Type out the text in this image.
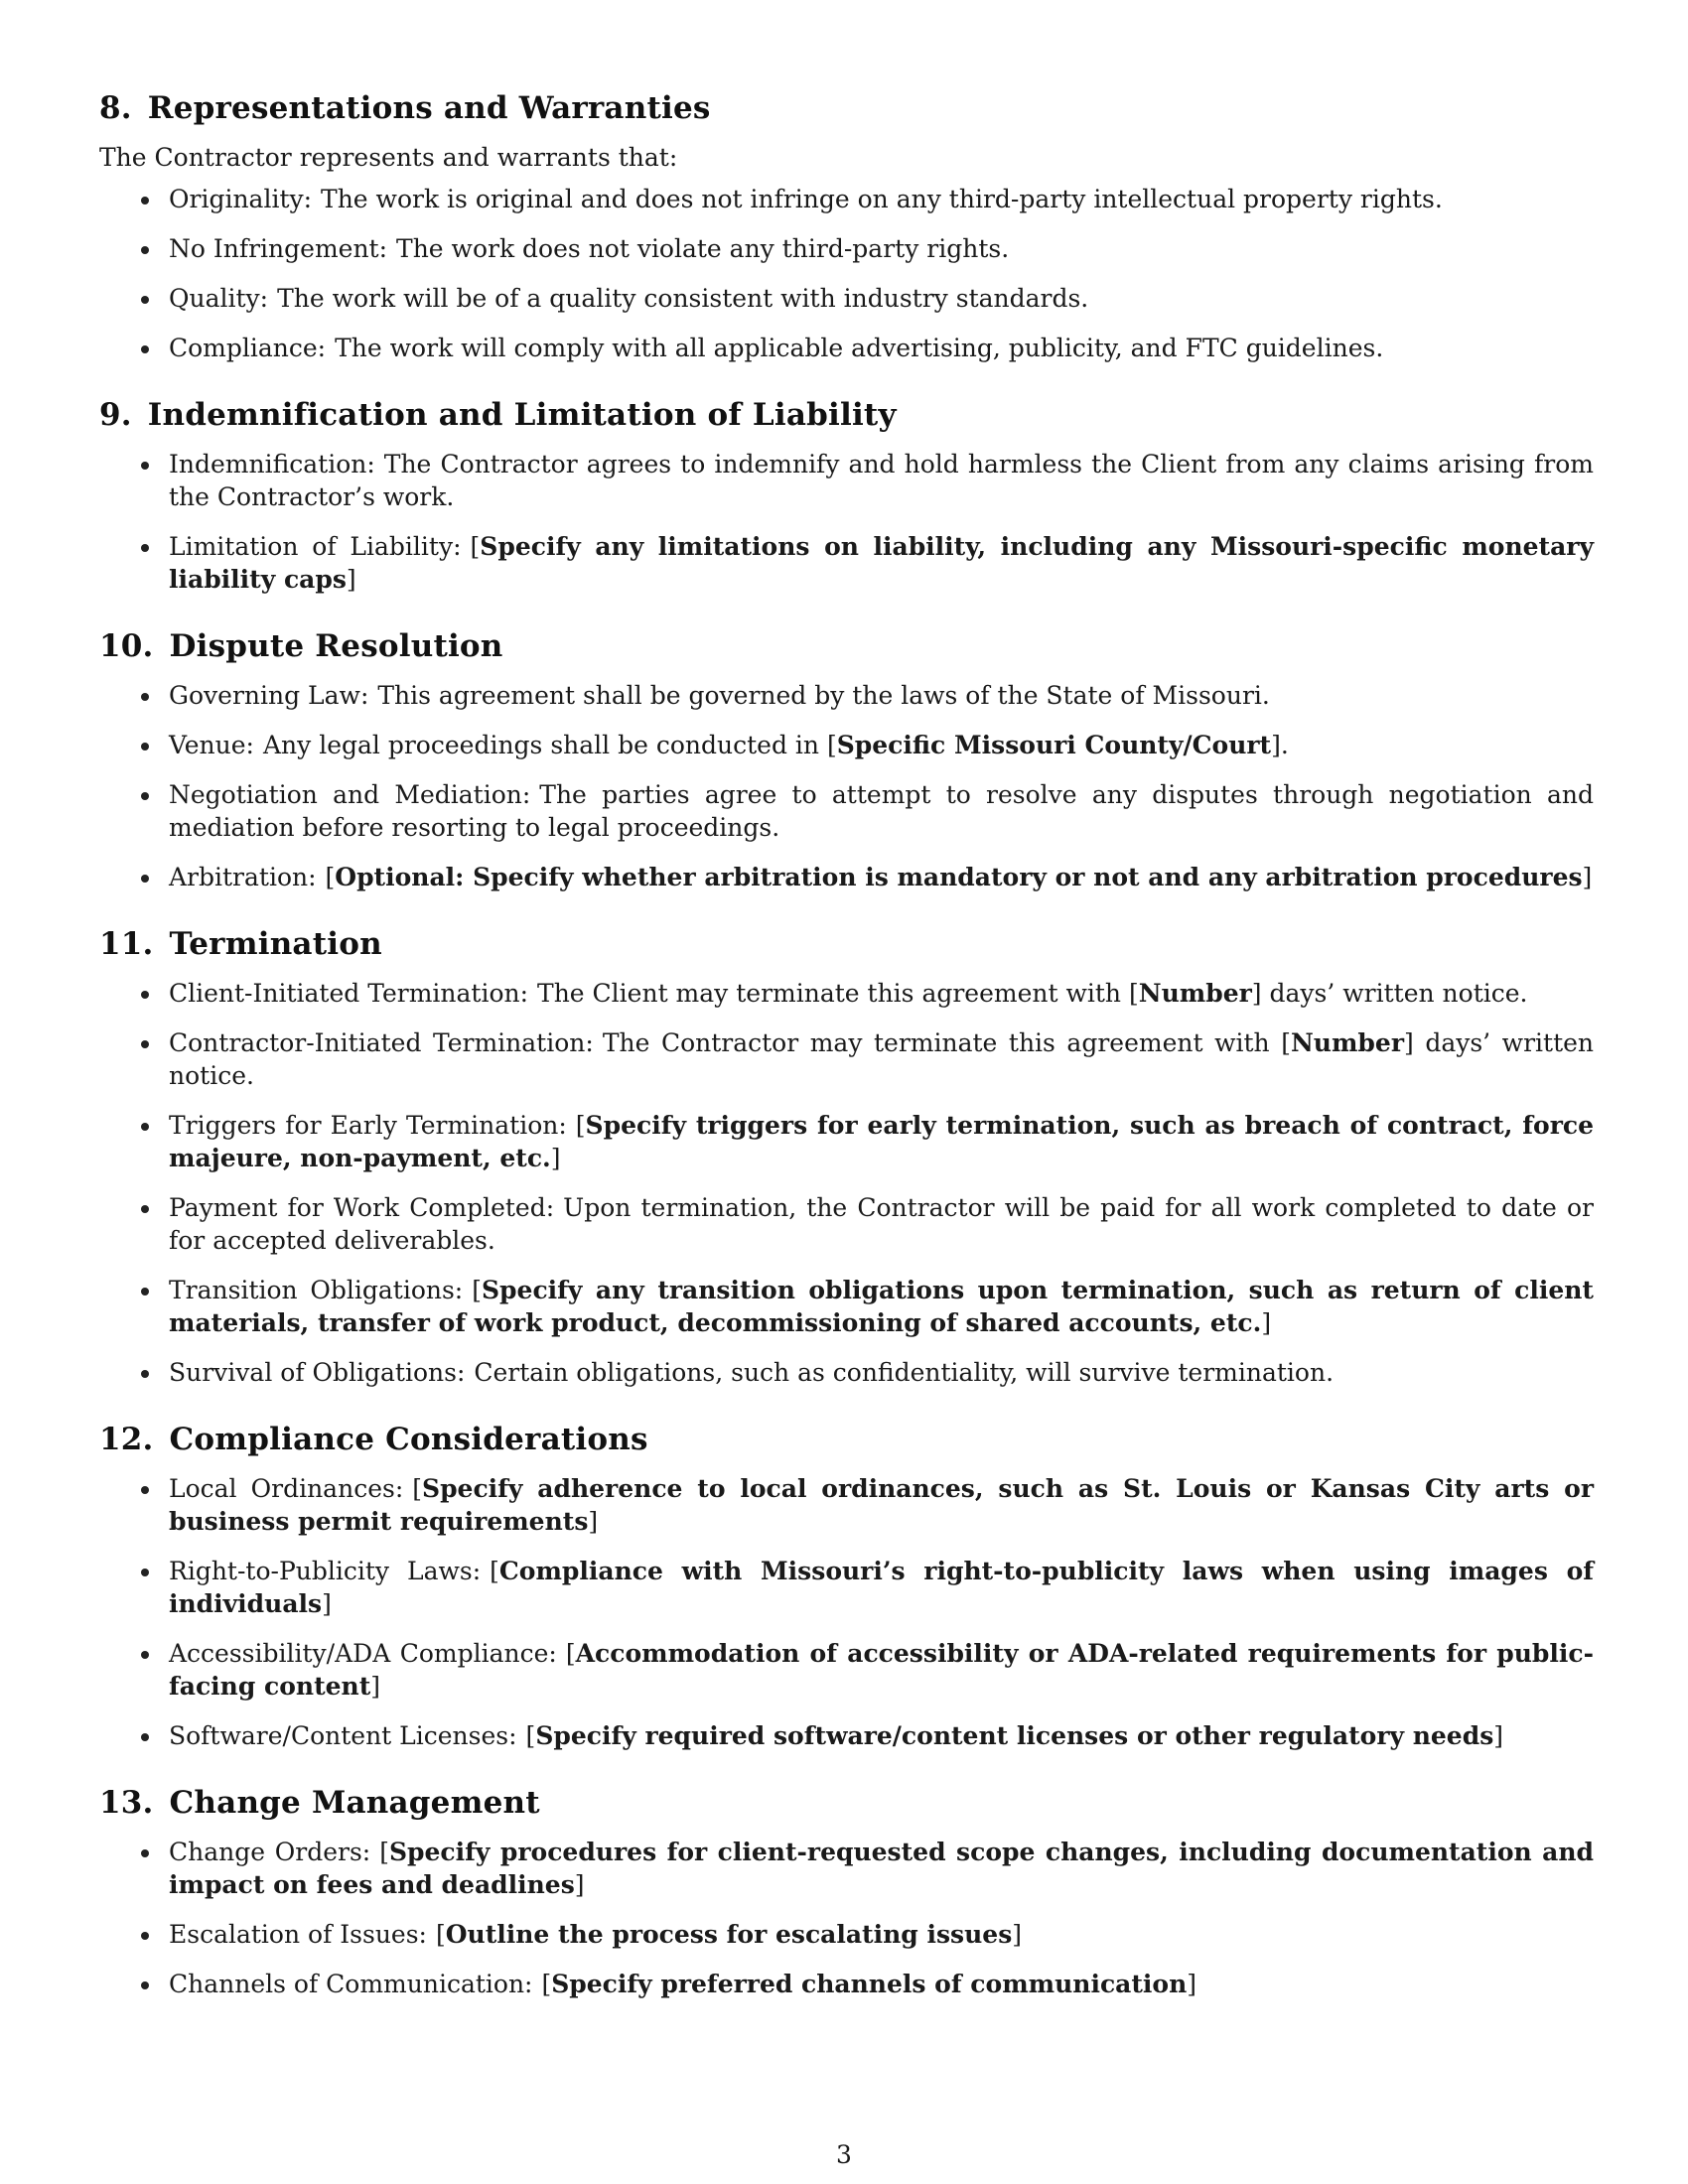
8. Representations and Warranties

The Contractor represents and warrants that:

Originality: The work is original and does not infringe on any third-party intellectual property rights.
No Infringement: The work does not violate any third-party rights.
Quality: The work will be of a quality consistent with industry standards.
Compliance: The work will comply with all applicable advertising, publicity, and FTC guidelines.
9. Indemnification and Limitation of Liability
Indemnification: The Contractor agrees to indemnify and hold harmless the Client from any claims arising from the Contractor’s work.
Limitation of Liability: [Specify any limitations on liability, including any Missouri-specific monetary liability caps]
10. Dispute Resolution
Governing Law: This agreement shall be governed by the laws of the State of Missouri.
Venue: Any legal proceedings shall be conducted in [Specific Missouri County/Court].
Negotiation and Mediation: The parties agree to attempt to resolve any disputes through negotiation and mediation before resorting to legal proceedings.
Arbitration: [Optional: Specify whether arbitration is mandatory or not and any arbitration procedures]
11. Termination
Client-Initiated Termination: The Client may terminate this agreement with [Number] days’ written notice.
Contractor-Initiated Termination: The Contractor may terminate this agreement with [Number] days’ written notice.
Triggers for Early Termination: [Specify triggers for early termination, such as breach of contract, force majeure, non-payment, etc.]
Payment for Work Completed: Upon termination, the Contractor will be paid for all work completed to date or for accepted deliverables.
Transition Obligations: [Specify any transition obligations upon termination, such as return of client materials, transfer of work product, decommissioning of shared accounts, etc.]
Survival of Obligations: Certain obligations, such as confidentiality, will survive termination.
12. Compliance Considerations
Local Ordinances: [Specify adherence to local ordinances, such as St. Louis or Kansas City arts or business permit requirements]
Right-to-Publicity Laws: [Compliance with Missouri’s right-to-publicity laws when using images of individuals]
Accessibility/ADA Compliance: [Accommodation of accessibility or ADA-related requirements for public-facing content]
Software/Content Licenses: [Specify required software/content licenses or other regulatory needs]
13. Change Management
Change Orders: [Specify procedures for client-requested scope changes, including documentation and impact on fees and deadlines]
Escalation of Issues: [Outline the process for escalating issues]
Channels of Communication: [Specify preferred channels of communication]
3
